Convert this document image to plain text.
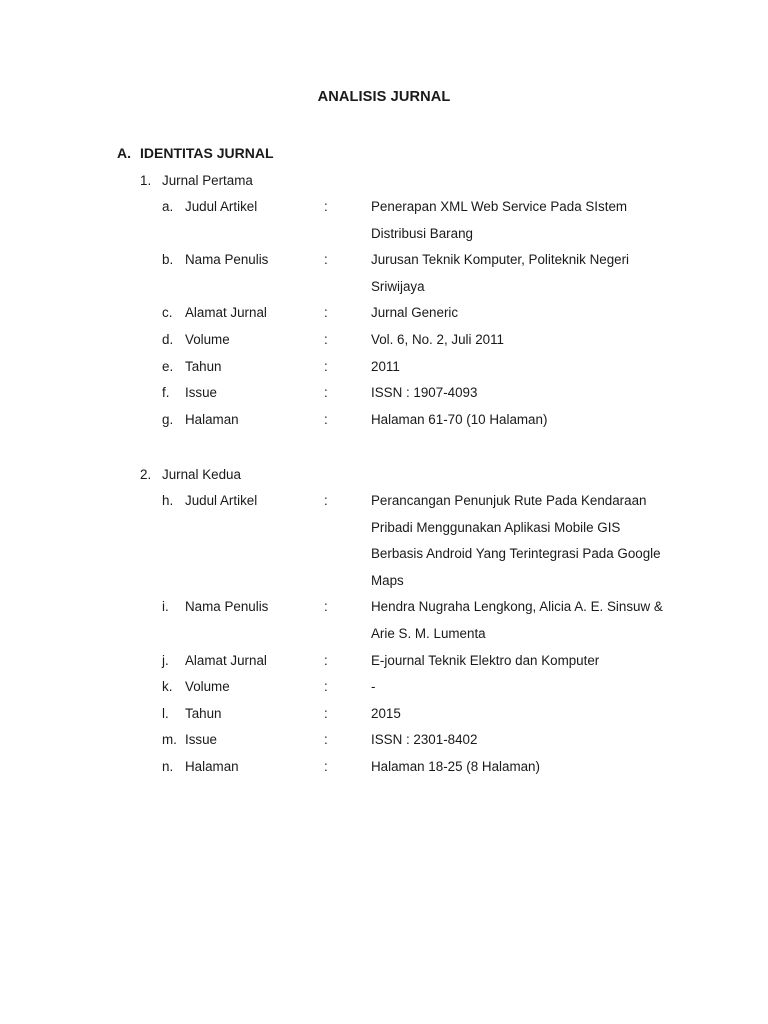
ANALISIS JURNAL
A. IDENTITAS JURNAL
1. Jurnal Pertama
a. Judul Artikel	:	Penerapan XML Web Service Pada SIstem
Distribusi Barang
b. Nama Penulis	:	Jurusan Teknik Komputer, Politeknik Negeri
Sriwijaya
c. Alamat Jurnal	:	Jurnal Generic
d. Volume	:	Vol. 6, No. 2, Juli 2011
e. Tahun	:	2011
f.	Issue	:	ISSN : 1907-4093
g. Halaman	:	Halaman 61-70 (10 Halaman)
2. Jurnal Kedua
h. Judul Artikel	:	Perancangan Penunjuk Rute Pada Kendaraan
Pribadi Menggunakan Aplikasi Mobile GIS
Berbasis Android Yang Terintegrasi Pada Google
Maps
i.	Nama Penulis	:	Hendra Nugraha Lengkong, Alicia A. E. Sinsuw &
Arie S. M. Lumenta
j.	Alamat Jurnal	:	E-journal Teknik Elektro dan Komputer
k. Volume	:	-
l.	Tahun	:	2015
m. Issue	:	ISSN : 2301-8402
n. Halaman	:	Halaman 18-25 (8 Halaman)
